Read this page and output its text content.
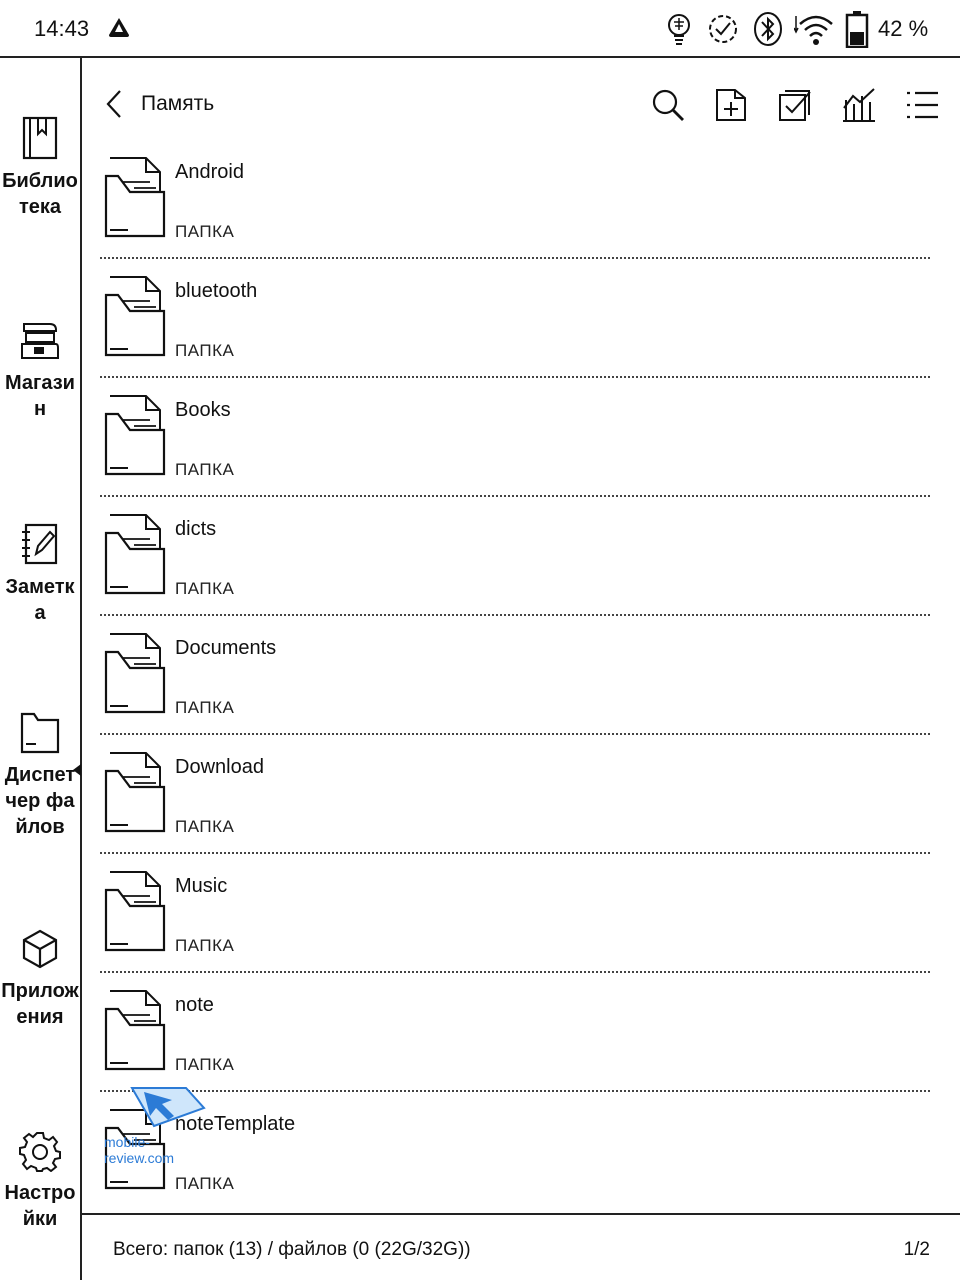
14:43	42 %
Библиотека
Магазин
Заметка
Диспетчер файлов
Приложения
Настройки
Память
Android
ПАПКА
bluetooth
ПАПКА
Books
ПАПКА
dicts
ПАПКА
Documents
ПАПКА
Download
ПАПКА
Music
ПАПКА
note
ПАПКА
noteTemplate
ПАПКА
mobile-review.com
Всего: папок (13) / файлов (0 (22G/32G))	1/2
